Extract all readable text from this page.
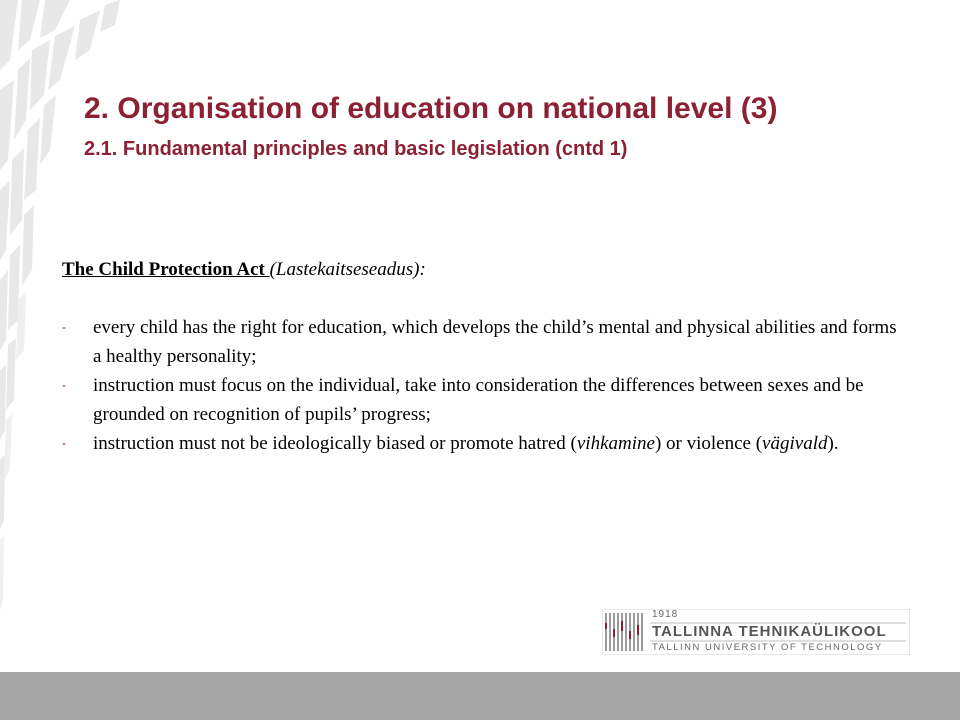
2. Organisation of education on national level (3)
2.1. Fundamental principles and basic legislation (cntd 1)

The Child Protection Act (Lastekaitseseadus):

- every child has the right for education, which develops the child’s mental and physical abilities and forms a healthy personality;
- instruction must focus on the individual, take into consideration the differences between sexes and be grounded on recognition of pupils’ progress;
- instruction must not be ideologically biased or promote hatred (vihkamine) or violence (vägivald).
1918
TALLINNA TEHNIKAÜLIKOOL
TALLINN UNIVERSITY OF TECHNOLOGY
